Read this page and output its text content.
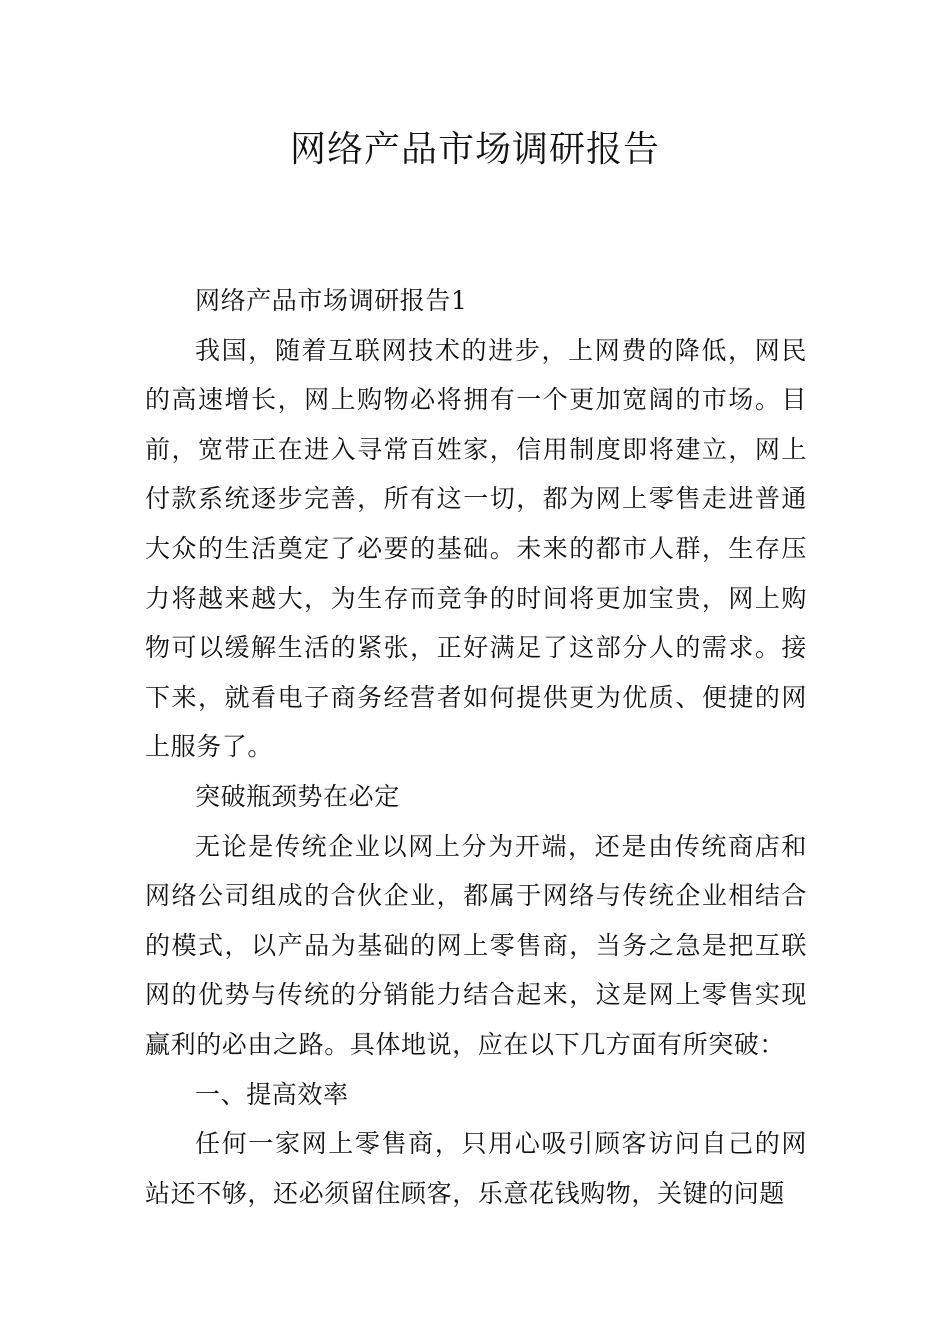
网络产品市场调研报告

网络产品市场调研报告1

我国，随着互联网技术的进步，上网费的降低，网民的高速增长，网上购物必将拥有一个更加宽阔的市场。目前，宽带正在进入寻常百姓家，信用制度即将建立，网上付款系统逐步完善，所有这一切，都为网上零售走进普通大众的生活奠定了必要的基础。未来的都市人群，生存压力将越来越大，为生存而竞争的时间将更加宝贵，网上购物可以缓解生活的紧张，正好满足了这部分人的需求。接下来，就看电子商务经营者如何提供更为优质、便捷的网上服务了。

突破瓶颈势在必定

无论是传统企业以网上分为开端，还是由传统商店和网络公司组成的合伙企业，都属于网络与传统企业相结合的模式，以产品为基础的网上零售商，当务之急是把互联网的优势与传统的分销能力结合起来，这是网上零售实现赢利的必由之路。具体地说，应在以下几方面有所突破：

一、提高效率

任何一家网上零售商，只用心吸引顾客访问自己的网站还不够，还必须留住顾客，乐意花钱购物，关键的问题
